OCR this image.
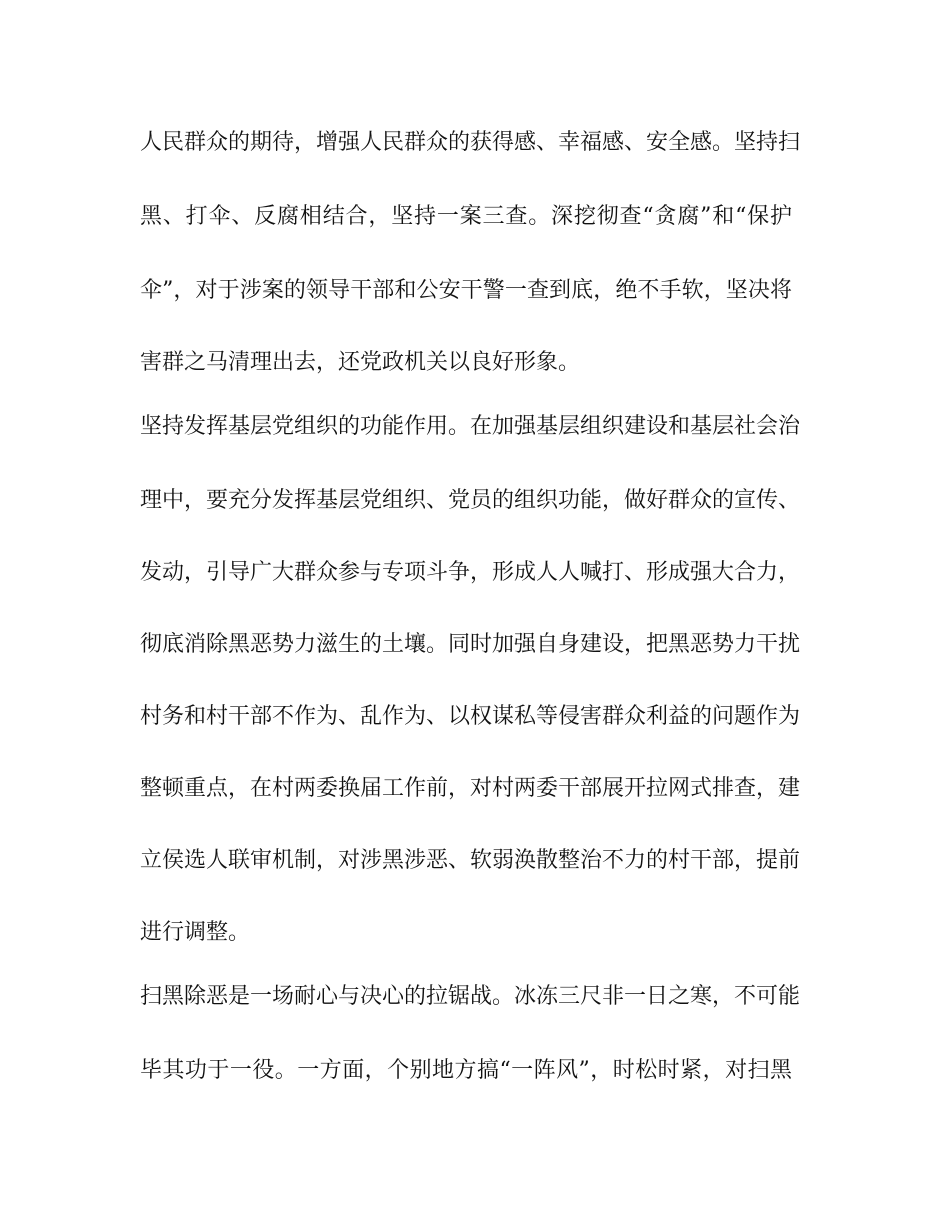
人民群众的期待，增强人民群众的获得感、幸福感、安全感。坚持扫
黑、打伞、反腐相结合，坚持一案三查。深挖彻查“贪腐”和“保护
伞”，对于涉案的领导干部和公安干警一查到底，绝不手软，坚决将
害群之马清理出去，还党政机关以良好形象。
坚持发挥基层党组织的功能作用。在加强基层组织建设和基层社会治
理中，要充分发挥基层党组织、党员的组织功能，做好群众的宣传、
发动，引导广大群众参与专项斗争，形成人人喊打、形成强大合力，
彻底消除黑恶势力滋生的土壤。同时加强自身建设，把黑恶势力干扰
村务和村干部不作为、乱作为、以权谋私等侵害群众利益的问题作为
整顿重点，在村两委换届工作前，对村两委干部展开拉网式排查，建
立侯选人联审机制，对涉黑涉恶、软弱涣散整治不力的村干部，提前
进行调整。
扫黑除恶是一场耐心与决心的拉锯战。冰冻三尺非一日之寒，不可能
毕其功于一役。一方面，个别地方搞“一阵风”，时松时紧，对扫黑
